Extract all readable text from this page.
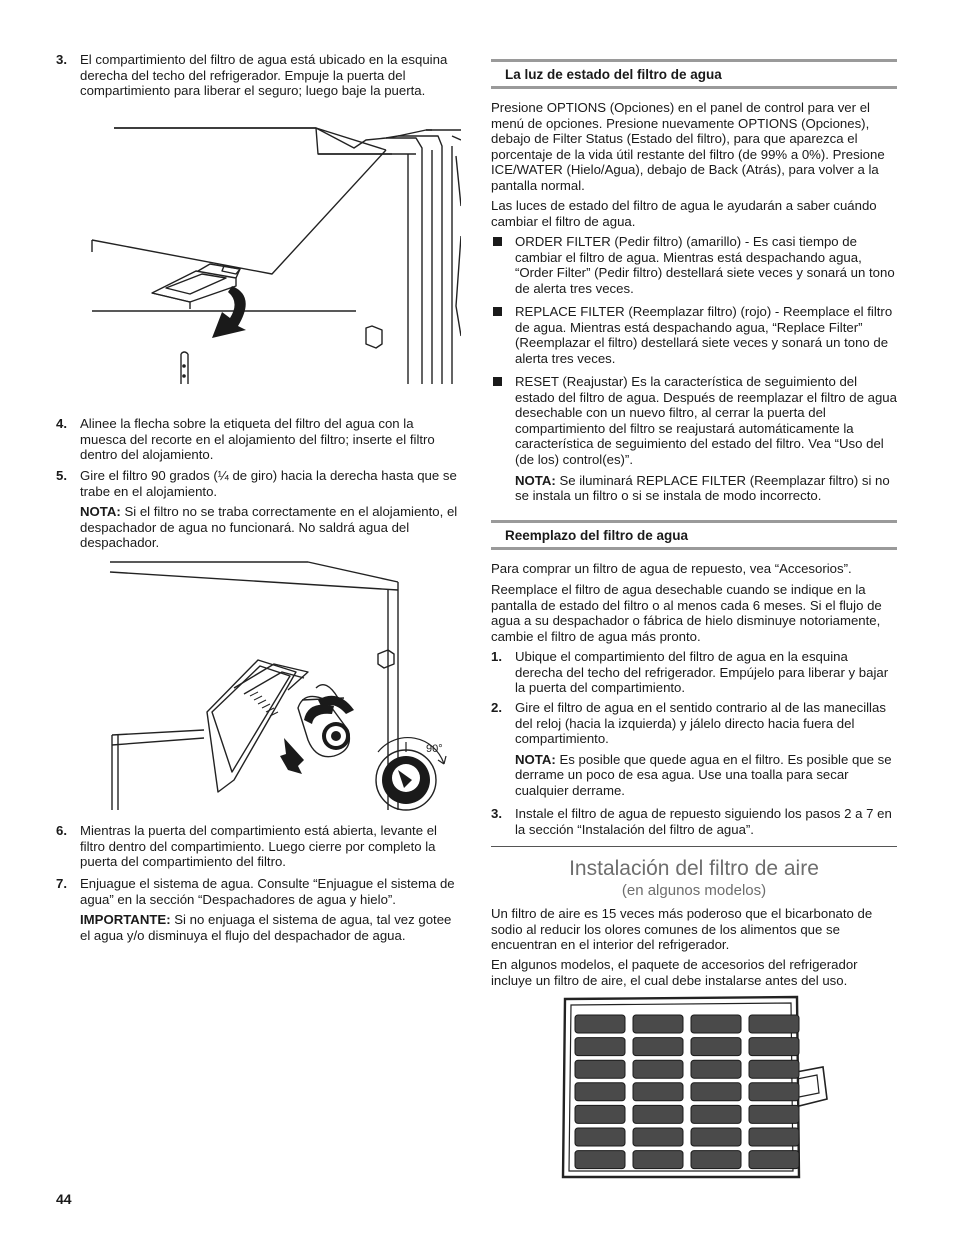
3. El compartimiento del filtro de agua está ubicado en la esquina derecha del techo del refrigerador. Empuje la puerta del compartimiento para liberar el seguro; luego baje la puerta.
4. Alinee la flecha sobre la etiqueta del filtro del agua con la muesca del recorte en el alojamiento del filtro; inserte el filtro dentro del alojamiento.
5. Gire el filtro 90 grados (¼ de giro) hacia la derecha hasta que se trabe en el alojamiento.
NOTA: Si el filtro no se traba correctamente en el alojamiento, el despachador de agua no funcionará. No saldrá agua del despachador.
90°
6. Mientras la puerta del compartimiento está abierta, levante el filtro dentro del compartimiento. Luego cierre por completo la puerta del compartimiento del filtro.
7. Enjuague el sistema de agua. Consulte “Enjuague el sistema de agua” en la sección “Despachadores de agua y hielo”.
IMPORTANTE: Si no enjuaga el sistema de agua, tal vez gotee el agua y/o disminuya el flujo del despachador de agua.
La luz de estado del filtro de agua
Presione OPTIONS (Opciones) en el panel de control para ver el menú de opciones. Presione nuevamente OPTIONS (Opciones), debajo de Filter Status (Estado del filtro), para que aparezca el porcentaje de la vida útil restante del filtro (de 99% a 0%). Presione ICE/WATER (Hielo/Agua), debajo de Back (Atrás), para volver a la pantalla normal.
Las luces de estado del filtro de agua le ayudarán a saber cuándo cambiar el filtro de agua.
ORDER FILTER (Pedir filtro) (amarillo) - Es casi tiempo de cambiar el filtro de agua. Mientras está despachando agua, “Order Filter” (Pedir filtro) destellará siete veces y sonará un tono de alerta tres veces.
REPLACE FILTER (Reemplazar filtro) (rojo) - Reemplace el filtro de agua. Mientras está despachando agua, “Replace Filter” (Reemplazar el filtro) destellará siete veces y sonará un tono de alerta tres veces.
RESET (Reajustar) Es la característica de seguimiento del estado del filtro de agua. Después de reemplazar el filtro de agua desechable con un nuevo filtro, al cerrar la puerta del compartimiento del filtro se reajustará automáticamente la característica de seguimiento del estado del filtro. Vea “Uso del (de los) control(es)”.
NOTA: Se iluminará REPLACE FILTER (Reemplazar filtro) si no se instala un filtro o si se instala de modo incorrecto.
Reemplazo del filtro de agua
Para comprar un filtro de agua de repuesto, vea “Accesorios”.
Reemplace el filtro de agua desechable cuando se indique en la pantalla de estado del filtro o al menos cada 6 meses. Si el flujo de agua a su despachador o fábrica de hielo disminuye notoriamente, cambie el filtro de agua más pronto.
1. Ubique el compartimiento del filtro de agua en la esquina derecha del techo del refrigerador. Empújelo para liberar y bajar la puerta del compartimiento.
2. Gire el filtro de agua en el sentido contrario al de las manecillas del reloj (hacia la izquierda) y jálelo directo hacia fuera del compartimiento.
NOTA: Es posible que quede agua en el filtro. Es posible que se derrame un poco de esa agua. Use una toalla para secar cualquier derrame.
3. Instale el filtro de agua de repuesto siguiendo los pasos 2 a 7 en la sección “Instalación del filtro de agua”.
Instalación del filtro de aire
(en algunos modelos)
Un filtro de aire es 15 veces más poderoso que el bicarbonato de sodio al reducir los olores comunes de los alimentos que se encuentran en el interior del refrigerador.
En algunos modelos, el paquete de accesorios del refrigerador incluye un filtro de aire, el cual debe instalarse antes del uso.
44
